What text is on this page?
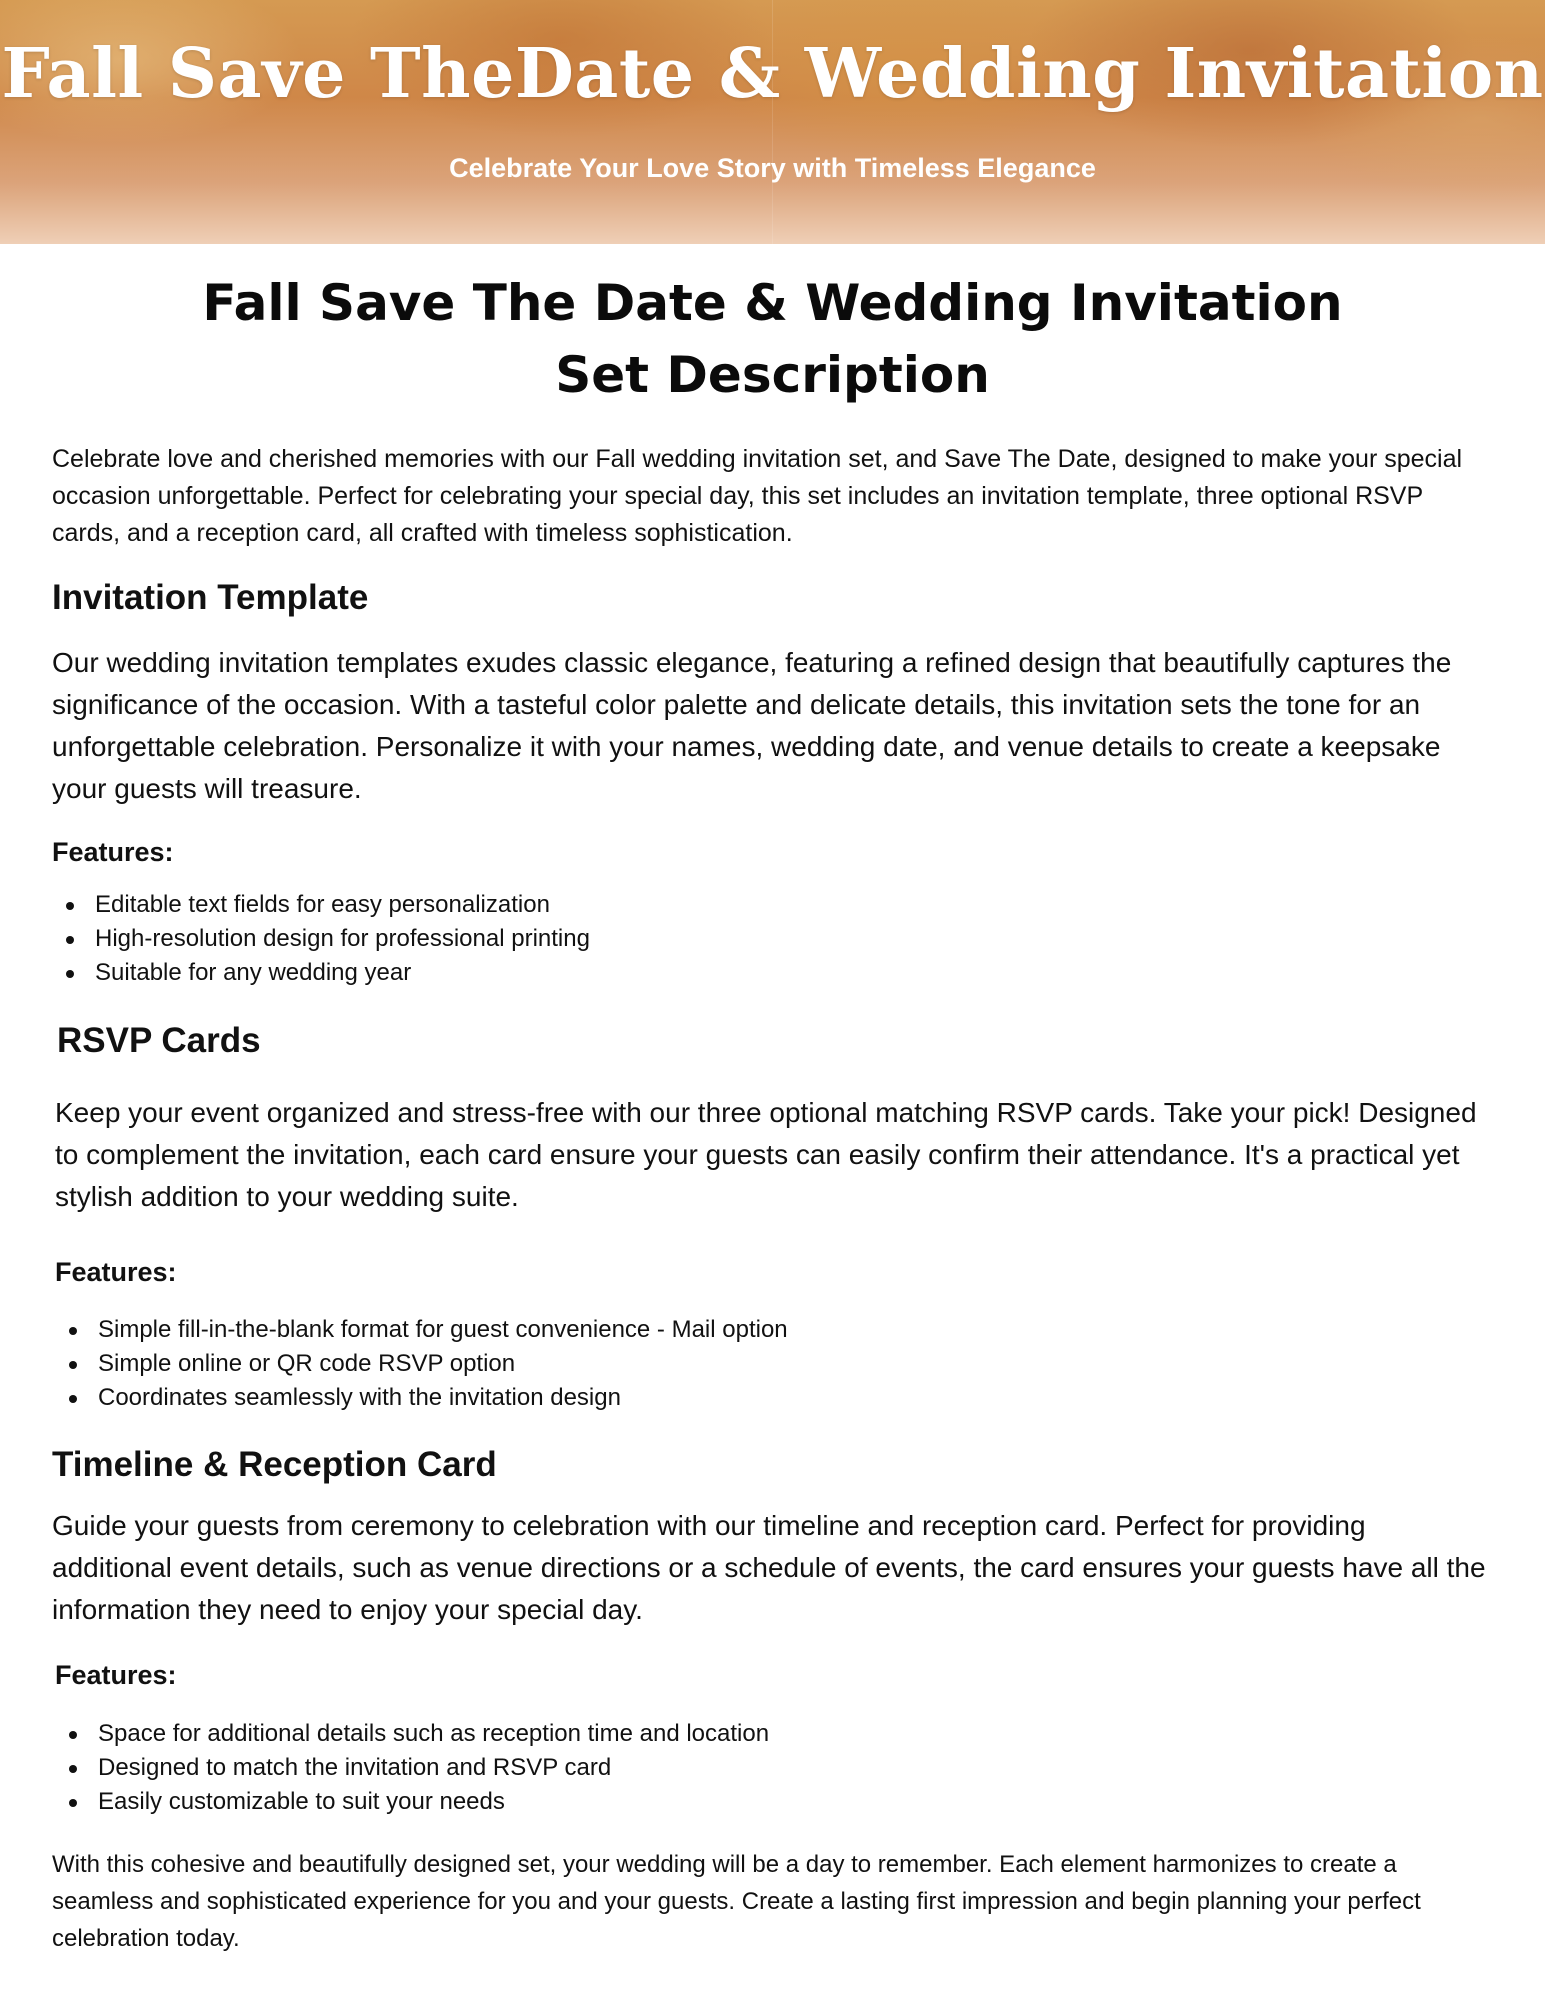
Fall Save TheDate & Wedding Invitation
Celebrate Your Love Story with Timeless Elegance
Fall Save The Date & Wedding Invitation
Set Description

Celebrate love and cherished memories with our Fall wedding invitation set, and Save The Date, designed to make your special occasion unforgettable. Perfect for celebrating your special day, this set includes an invitation template, three optional RSVP cards, and a reception card, all crafted with timeless sophistication.

Invitation Template

Our wedding invitation templates exudes classic elegance, featuring a refined design that beautifully captures the significance of the occasion. With a tasteful color palette and delicate details, this invitation sets the tone for an unforgettable celebration. Personalize it with your names, wedding date, and venue details to create a keepsake your guests will treasure.

Features:
Editable text fields for easy personalization
High-resolution design for professional printing
Suitable for any wedding year
RSVP Cards

Keep your event organized and stress-free with our three optional matching RSVP cards. Take your pick! Designed to complement the invitation, each card ensure your guests can easily confirm their attendance. It's a practical yet stylish addition to your wedding suite.

Features:
Simple fill-in-the-blank format for guest convenience - Mail option
Simple online or QR code RSVP option
Coordinates seamlessly with the invitation design
Timeline & Reception Card

Guide your guests from ceremony to celebration with our timeline and reception card. Perfect for providing additional event details, such as venue directions or a schedule of events, the card ensures your guests have all the information they need to enjoy your special day.

Features:
Space for additional details such as reception time and location
Designed to match the invitation and RSVP card
Easily customizable to suit your needs

With this cohesive and beautifully designed set, your wedding will be a day to remember. Each element harmonizes to create a seamless and sophisticated experience for you and your guests. Create a lasting first impression and begin planning your perfect celebration today.
